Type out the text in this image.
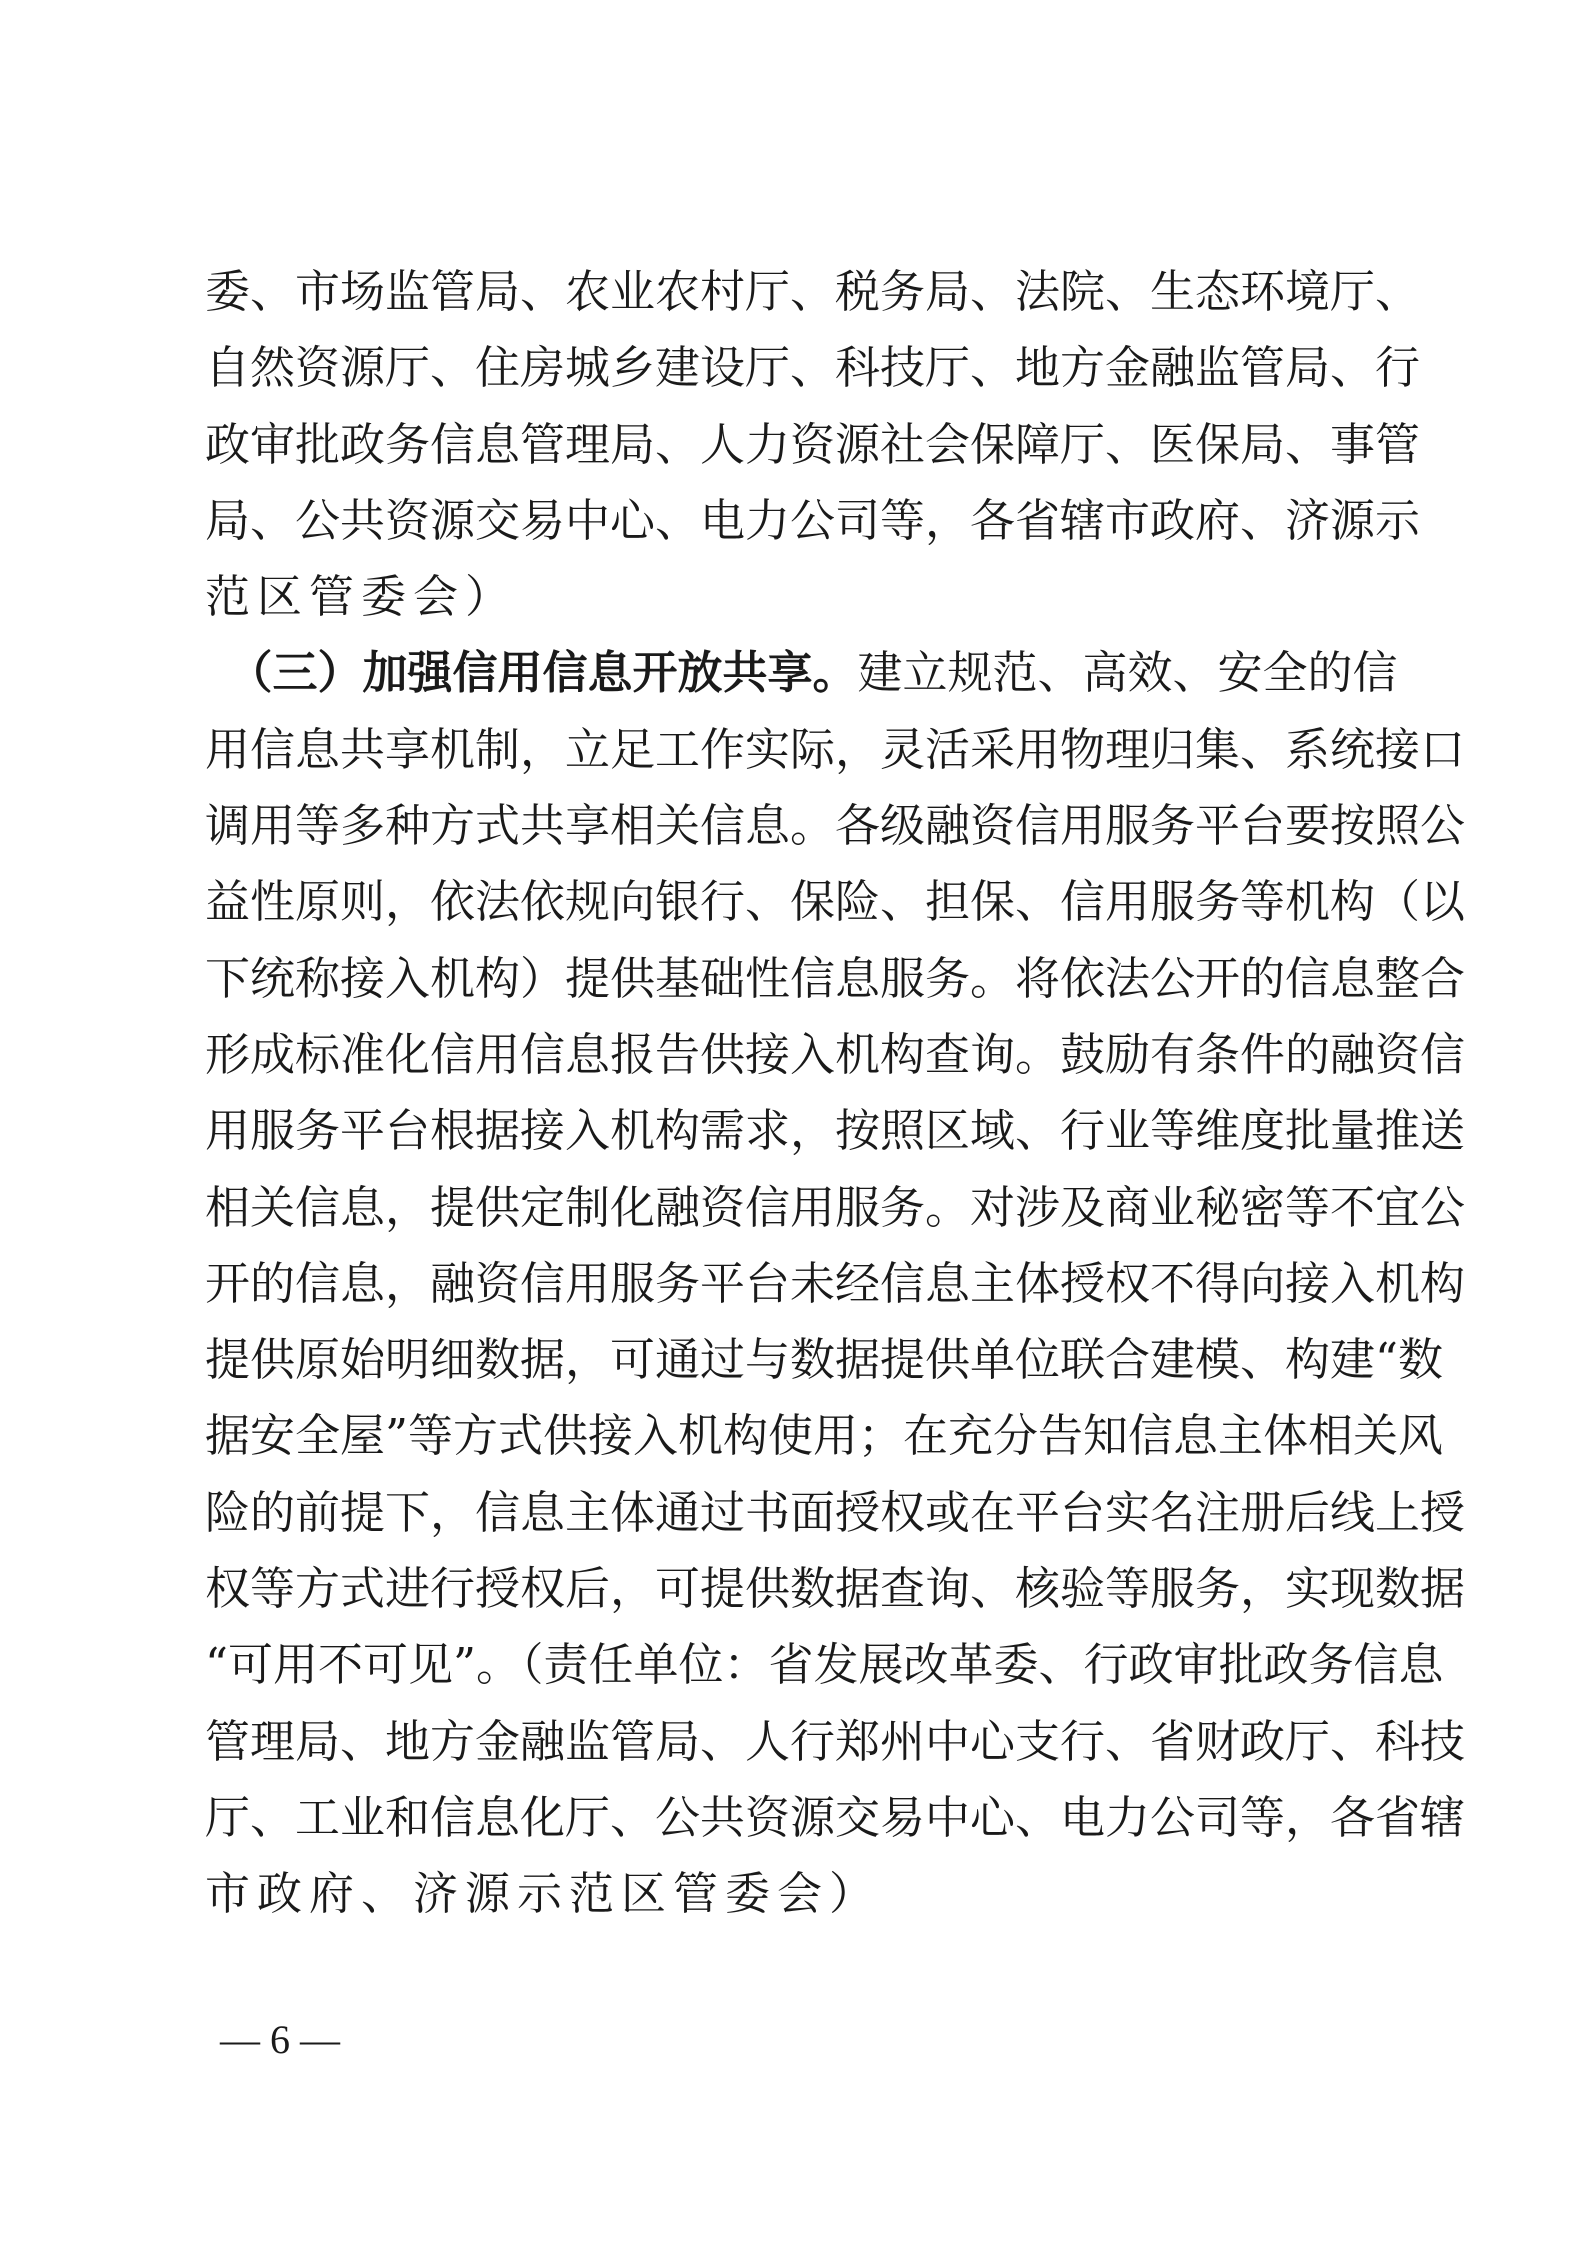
委、市场监管局、农业农村厅、税务局、法院、生态环境厅、
自然资源厅、住房城乡建设厅、科技厅、地方金融监管局、行
政审批政务信息管理局、人力资源社会保障厅、医保局、事管
局、公共资源交易中心、电力公司等，各省辖市政府、济源示
范区管委会）
　（三）加强信用信息开放共享。建立规范、高效、安全的信
用信息共享机制，立足工作实际，灵活采用物理归集、系统接口
调用等多种方式共享相关信息。各级融资信用服务平台要按照公
益性原则，依法依规向银行、保险、担保、信用服务等机构（以
下统称接入机构）提供基础性信息服务。将依法公开的信息整合
形成标准化信用信息报告供接入机构查询。鼓励有条件的融资信
用服务平台根据接入机构需求，按照区域、行业等维度批量推送
相关信息，提供定制化融资信用服务。对涉及商业秘密等不宜公
开的信息，融资信用服务平台未经信息主体授权不得向接入机构
提供原始明细数据，可通过与数据提供单位联合建模、构建“数
据安全屋”等方式供接入机构使用；在充分告知信息主体相关风
险的前提下，信息主体通过书面授权或在平台实名注册后线上授
权等方式进行授权后，可提供数据查询、核验等服务，实现数据
“可用不可见”。（责任单位：省发展改革委、行政审批政务信息
管理局、地方金融监管局、人行郑州中心支行、省财政厅、科技
厅、工业和信息化厅、公共资源交易中心、电力公司等，各省辖
市政府、济源示范区管委会）
— 6 —
